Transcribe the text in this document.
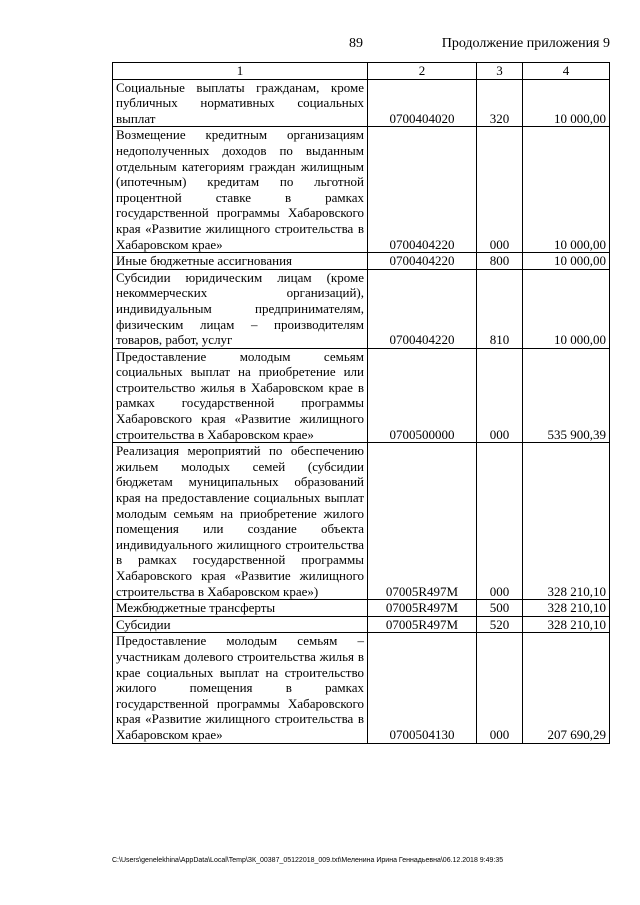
89	Продолжение приложения 9
1	2	3	4
Социальные выплаты гражданам, кроме публичных нормативных социальных выплат	0700404020	320	10 000,00
Возмещение кредитным организациям недополученных доходов по выданным отдельным категориям граждан жилищным (ипотечным) кредитам по льготной процентной ставке в рамках государственной программы Хабаровского края «Развитие жилищного строительства в Хабаровском крае»	0700404220	000	10 000,00
Иные бюджетные ассигнования	0700404220	800	10 000,00
Субсидии юридическим лицам (кроме некоммерческих организаций), индивидуальным предпринимателям, физическим лицам – производителям товаров, работ, услуг	0700404220	810	10 000,00
Предоставление молодым семьям социальных выплат на приобретение или строительство жилья в Хабаровском крае в рамках государственной программы Хабаровского края «Развитие жилищного строительства в Хабаровском крае»	0700500000	000	535 900,39
Реализация мероприятий по обеспечению жильем молодых семей (субсидии бюджетам муниципальных образований края на предоставление социальных выплат молодым семьям на приобретение жилого помещения или создание объекта индивидуального жилищного строительства в рамках государственной программы Хабаровского края «Развитие жилищного строительства в Хабаровском крае»)	07005R497M	000	328 210,10
Межбюджетные трансферты	07005R497M	500	328 210,10
Субсидии	07005R497M	520	328 210,10
Предоставление молодым семьям – участникам долевого строительства жилья в крае социальных выплат на строительство жилого помещения в рамках государственной программы Хабаровского края «Развитие жилищного строительства в Хабаровском крае»	0700504130	000	207 690,29
C:\Users\genelekhina\AppData\Local\Temp\ЗК_00387_05122018_009.txt\Меленина Ирина Геннадьевна\06.12.2018 9:49:35
